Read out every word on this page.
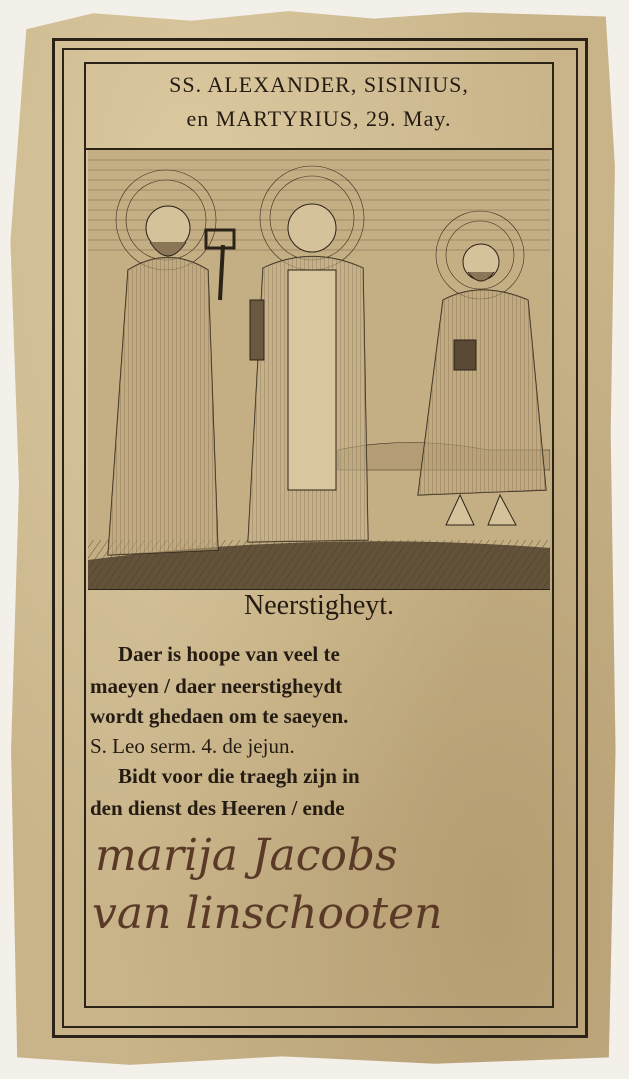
SS. ALEXANDER, SISINIUS,
en MARTYRIUS, 29. May.
Neerstigheyt.
Daer is hoope van veel te
maeyen / daer neerstigheydt
wordt ghedaen om te saeyen.
S. Leo serm. 4. de jejun.
Bidt voor die traegh zijn in
den dienst des Heeren / ende
marija Jacobs
van linschooten
